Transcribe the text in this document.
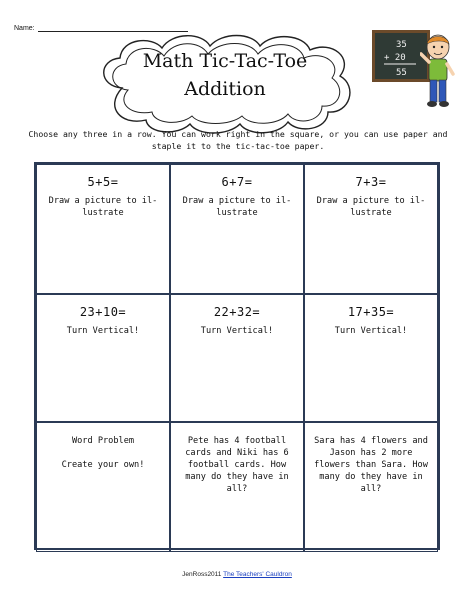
Name:
Math Tic-Tac-Toe
Addition
35
+ 20
55
Choose any three in a row. You can work right in the square, or you can use paper and staple it to the tic-tac-toe paper.
5+5=
Draw a picture to il-
lustrate
6+7=
Draw a picture to il-
lustrate
7+3=
Draw a picture to il-
lustrate
23+10=
Turn Vertical!
22+32=
Turn Vertical!
17+35=
Turn Vertical!
Word Problem

Create your own!
Pete has 4 football cards and Niki has 6 football cards. How many do they have in all?
Sara has 4 flowers and Jason has 2 more flowers than Sara. How many do they have in all?
JenRoss2011 The Teachers' Cauldron
